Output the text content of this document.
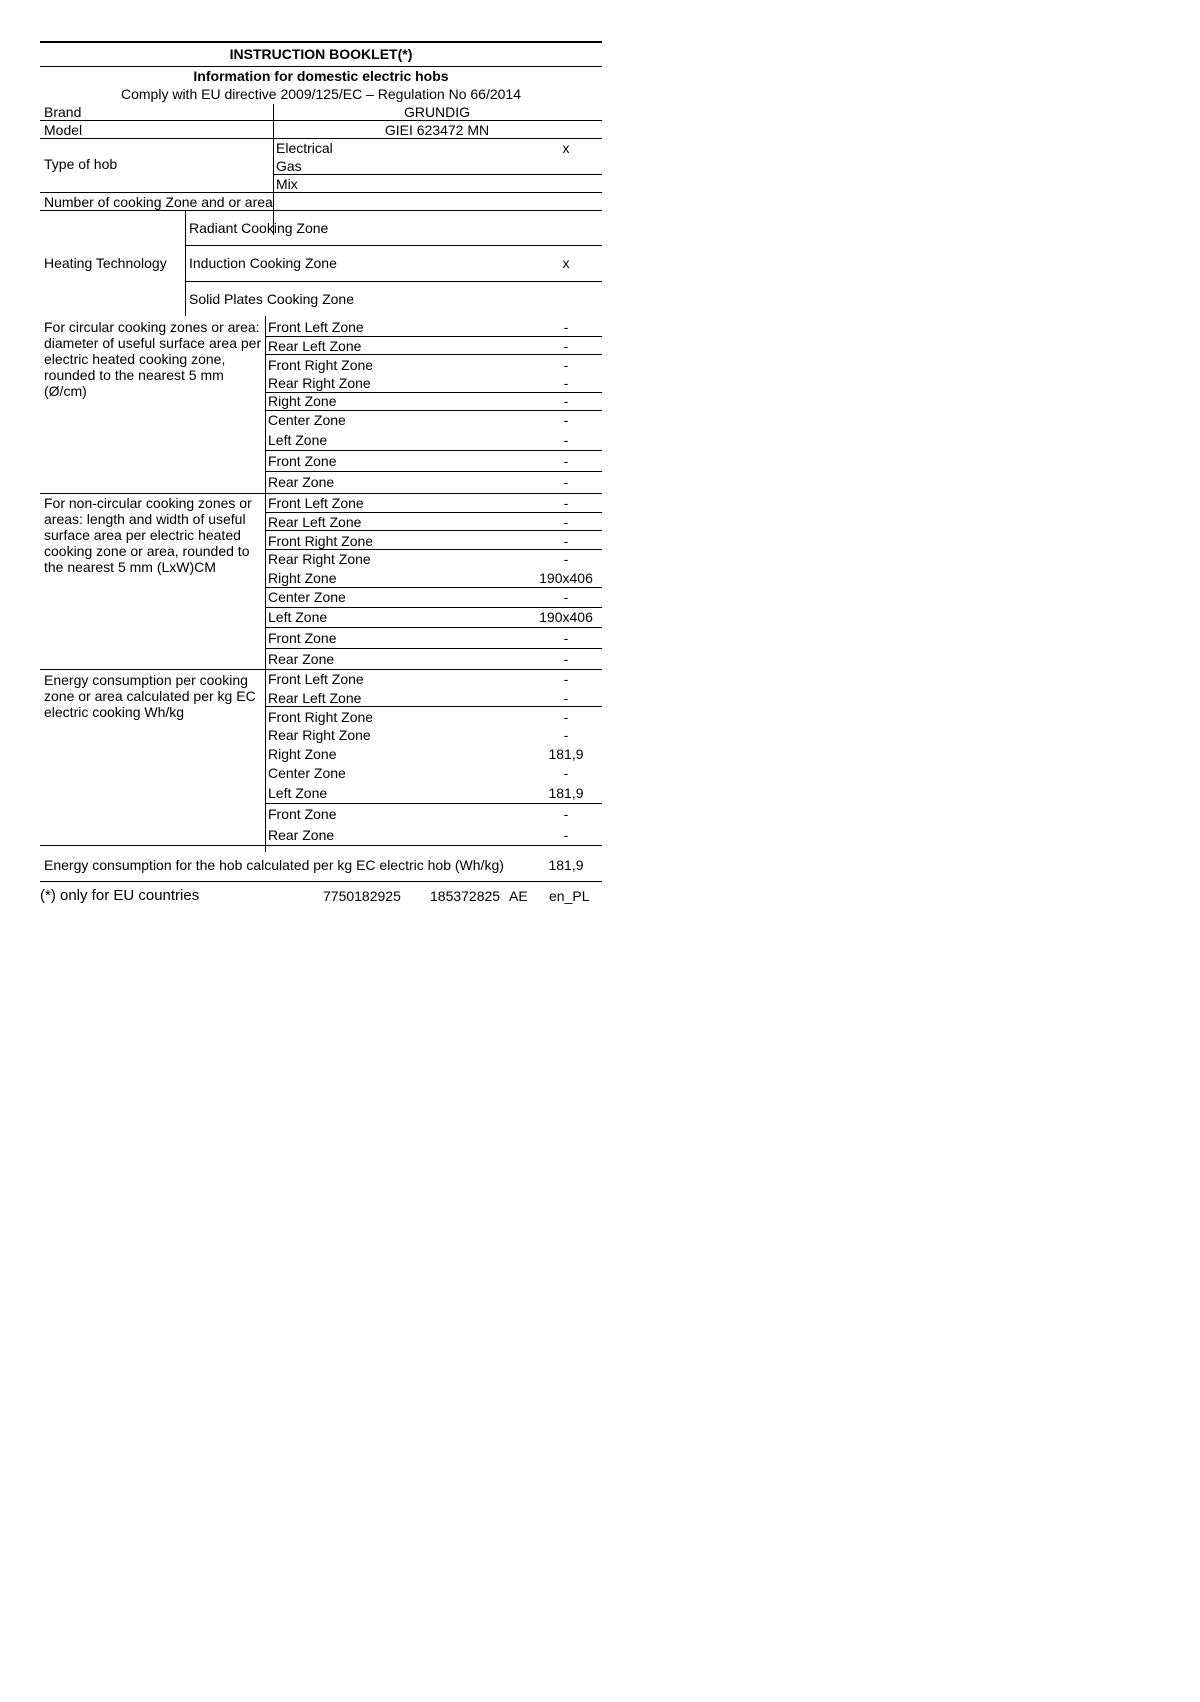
INSTRUCTION BOOKLET(*)
Information for domestic electric hobs
Comply with EU directive 2009/125/EC – Regulation No 66/2014
Brand	GRUNDIG
Model	GIEI 623472 MN
Type of hob
Electrical	x
Gas
Mix
Number of cooking Zone and or area
Heating Technology
Radiant Cooking Zone
Induction Cooking Zone	x
Solid Plates Cooking Zone
For circular cooking zones or area: diameter of useful surface area per electric heated cooking zone, rounded to the nearest 5 mm (Ø/cm)
Front Left Zone	-
Rear Left Zone	-
Front Right Zone	-
Rear Right Zone	-
Right Zone	-
Center Zone	-
Left Zone	-
Front Zone	-
Rear Zone	-
For non-circular cooking zones or areas: length and width of useful surface area per electric heated cooking zone or area, rounded to the nearest 5 mm (LxW)CM
Front Left Zone	-
Rear Left Zone	-
Front Right Zone	-
Rear Right Zone	-
Right Zone	190x406
Center Zone	-
Left Zone	190x406
Front Zone	-
Rear Zone	-
Energy consumption per cooking zone or area calculated per kg EC electric cooking Wh/kg
Front Left Zone	-
Rear Left Zone	-
Front Right Zone	-
Rear Right Zone	-
Right Zone	181,9
Center Zone	-
Left Zone	181,9
Front Zone	-
Rear Zone	-
Energy consumption for the hob calculated per kg EC electric hob (Wh/kg)	181,9
(*) only for EU countries	7750182925 185372825 AE en_PL
